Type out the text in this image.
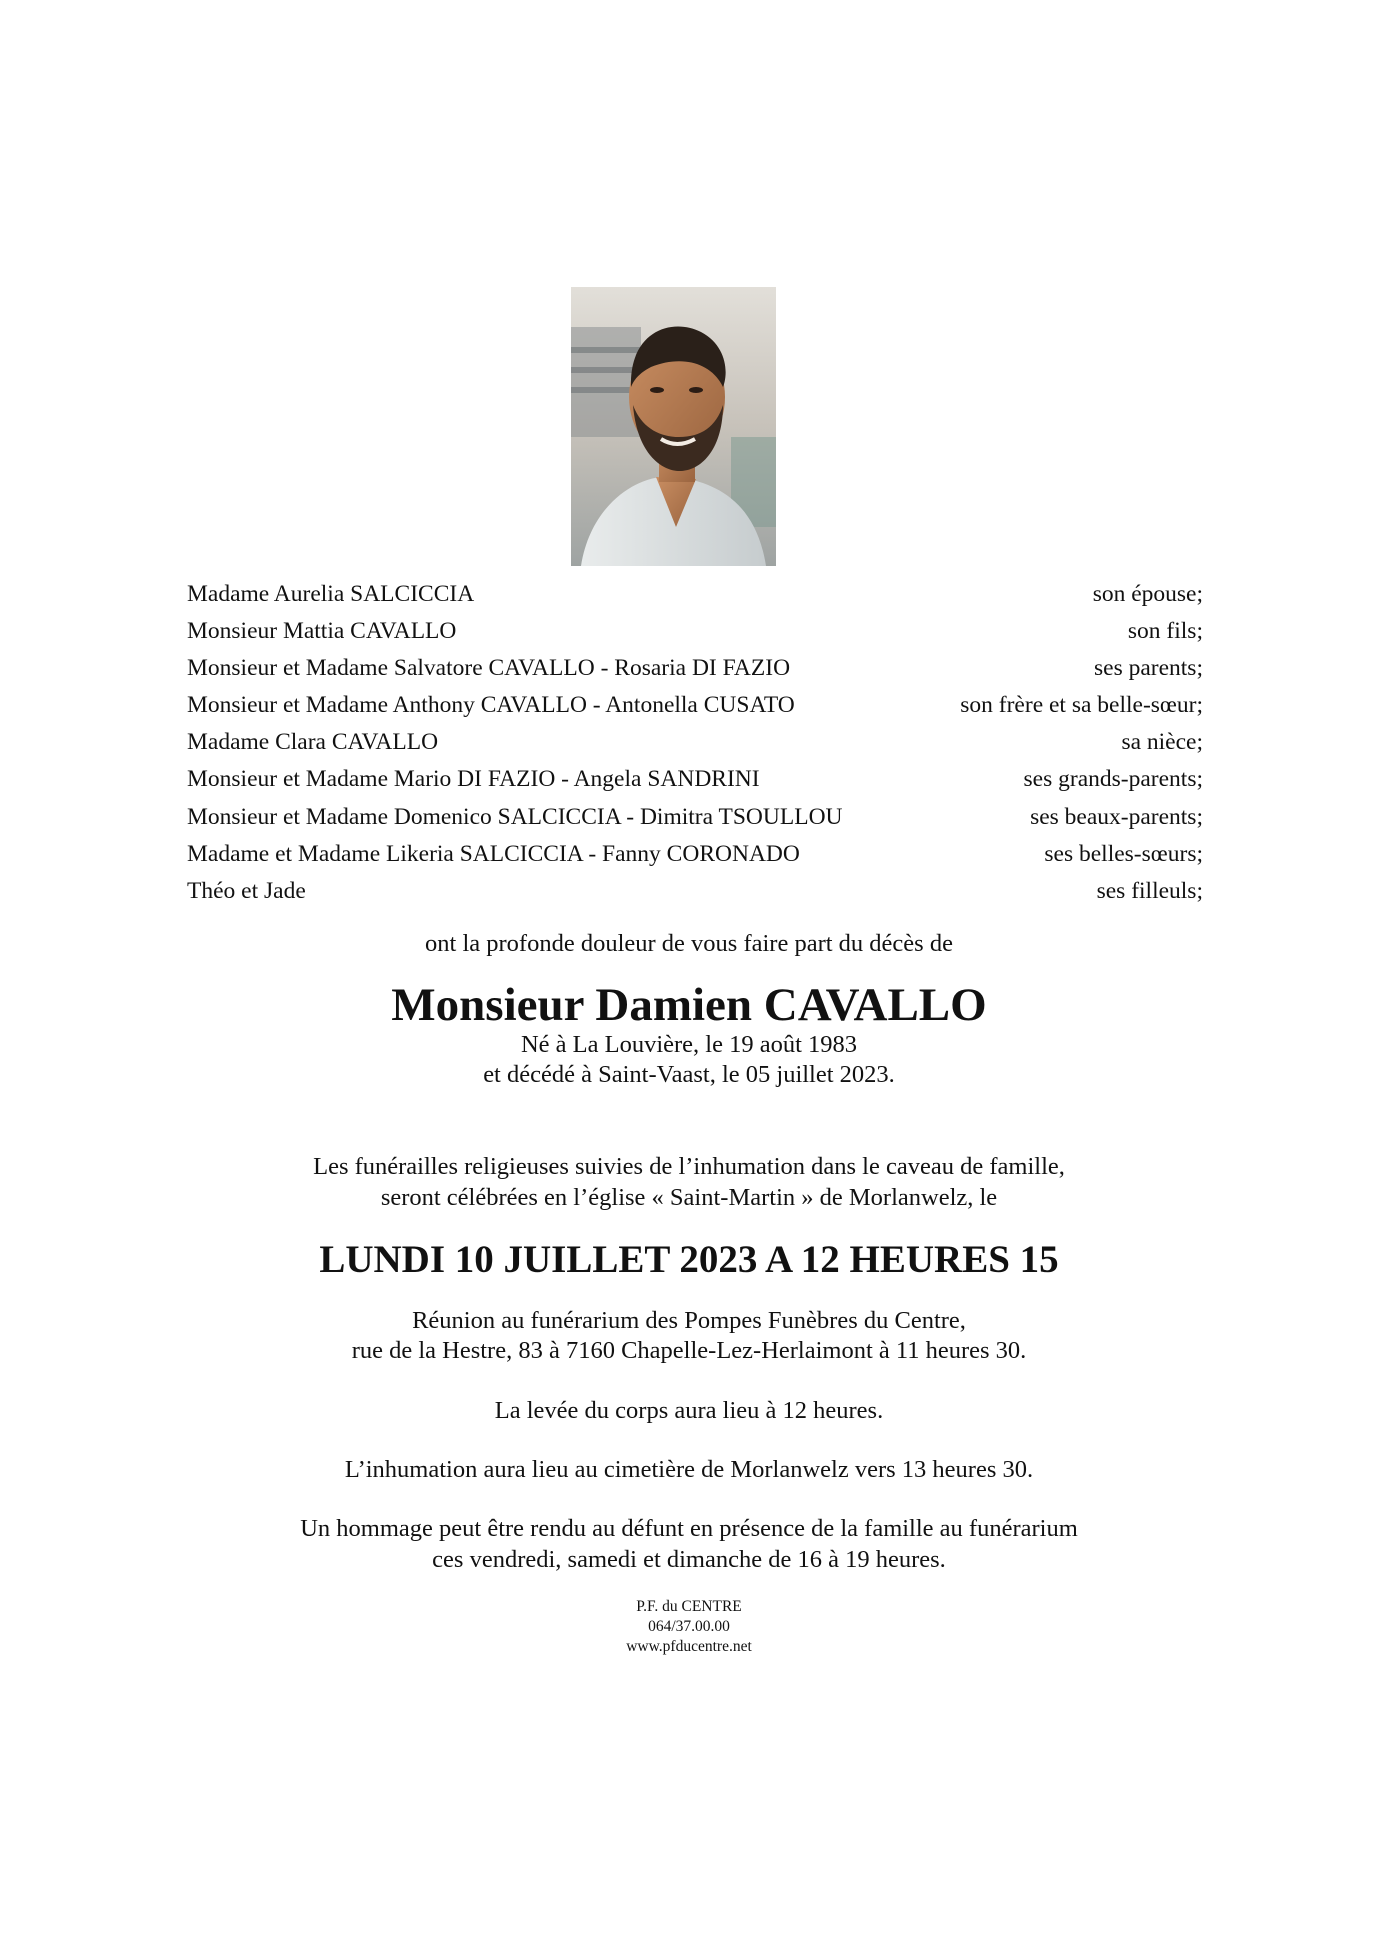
Madame Aurelia SALCICCIA	son épouse;
Monsieur Mattia CAVALLO	son fils;
Monsieur et Madame Salvatore CAVALLO - Rosaria DI FAZIO	ses parents;
Monsieur et Madame Anthony CAVALLO - Antonella CUSATO	son frère et sa belle-sœur;
Madame Clara CAVALLO	sa nièce;
Monsieur et Madame Mario DI FAZIO - Angela SANDRINI	ses grands-parents;
Monsieur et Madame Domenico SALCICCIA - Dimitra TSOULLOU	ses beaux-parents;
Madame et Madame Likeria SALCICCIA - Fanny CORONADO	ses belles-sœurs;
Théo et Jade	ses filleuls;
ont la profonde douleur de vous faire part du décès de
Monsieur Damien CAVALLO
Né à La Louvière, le 19 août 1983
et décédé à Saint-Vaast, le 05 juillet 2023.
Les funérailles religieuses suivies de l’inhumation dans le caveau de famille,
seront célébrées en l’église « Saint-Martin » de Morlanwelz, le
LUNDI 10 JUILLET 2023 A 12 HEURES 15
Réunion au funérarium des Pompes Funèbres du Centre,
rue de la Hestre, 83 à 7160 Chapelle-Lez-Herlaimont à 11 heures 30.
La levée du corps aura lieu à 12 heures.
L’inhumation aura lieu au cimetière de Morlanwelz vers 13 heures 30.
Un hommage peut être rendu au défunt en présence de la famille au funérarium
ces vendredi, samedi et dimanche de 16 à 19 heures.
P.F. du CENTRE
064/37.00.00
www.pfducentre.net
